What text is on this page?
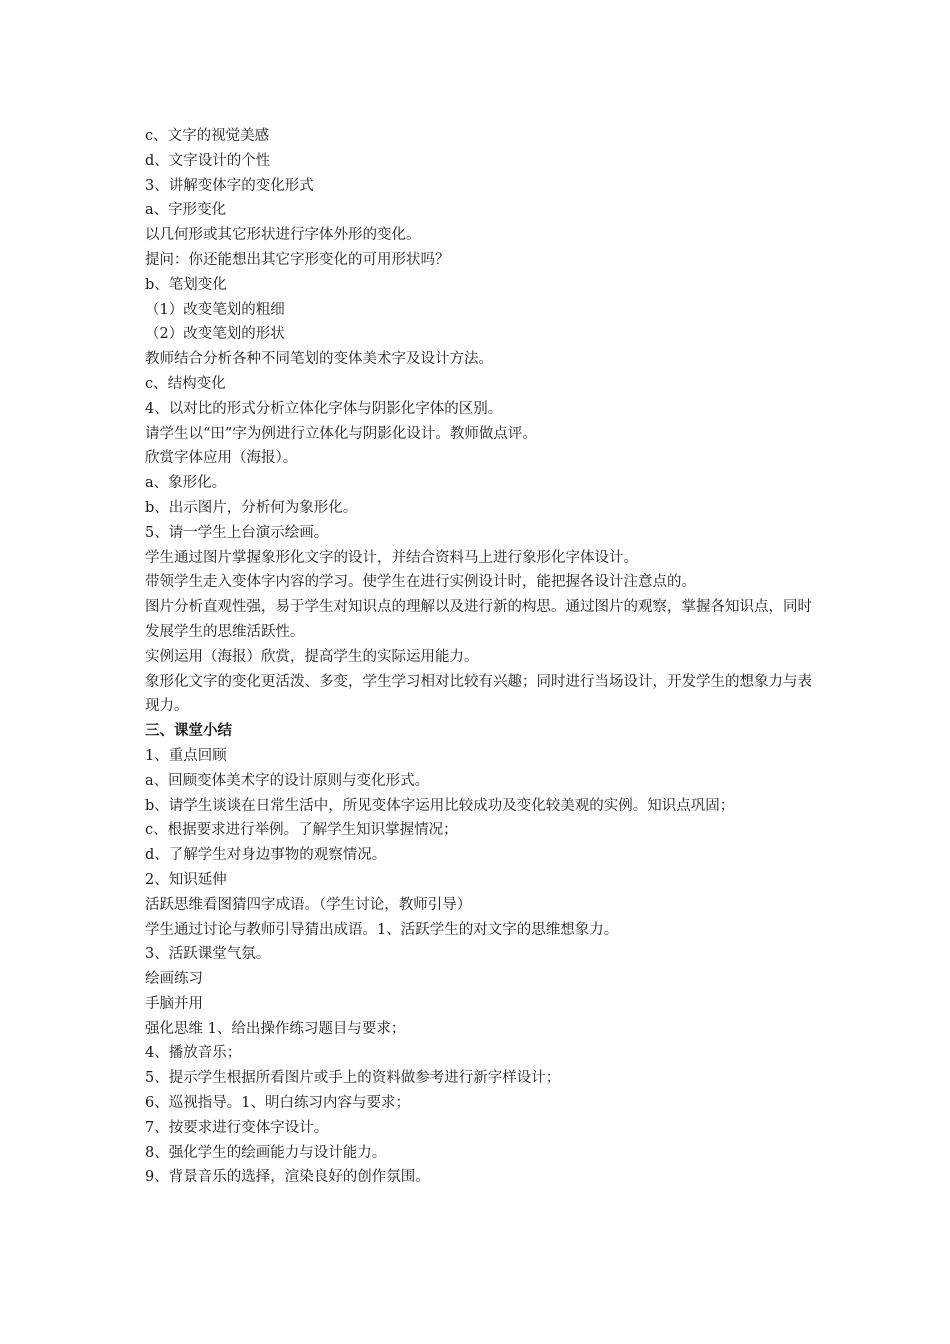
c、文字的视觉美感

d、文字设计的个性

3、讲解变体字的变化形式

a、字形变化

以几何形或其它形状进行字体外形的变化。

提问：你还能想出其它字形变化的可用形状吗？

b、笔划变化

（1）改变笔划的粗细

（2）改变笔划的形状

教师结合分析各种不同笔划的变体美术字及设计方法。

c、结构变化

4、以对比的形式分析立体化字体与阴影化字体的区别。

请学生以“田”字为例进行立体化与阴影化设计。教师做点评。

欣赏字体应用（海报）。

a、象形化。

b、出示图片，分析何为象形化。

5、请一学生上台演示绘画。

学生通过图片掌握象形化文字的设计，并结合资料马上进行象形化字体设计。

带领学生走入变体字内容的学习。使学生在进行实例设计时，能把握各设计注意点的。

图片分析直观性强，易于学生对知识点的理解以及进行新的构思。通过图片的观察，掌握各知识点，同时发展学生的思维活跃性。

实例运用（海报）欣赏，提高学生的实际运用能力。

象形化文字的变化更活泼、多变，学生学习相对比较有兴趣；同时进行当场设计，开发学生的想象力与表现力。

三、课堂小结

1、重点回顾

a、回顾变体美术字的设计原则与变化形式。

b、请学生谈谈在日常生活中，所见变体字运用比较成功及变化较美观的实例。知识点巩固；

c、根据要求进行举例。了解学生知识掌握情况；

d、了解学生对身边事物的观察情况。

2、知识延伸

活跃思维看图猜四字成语。（学生讨论，教师引导）

学生通过讨论与教师引导猜出成语。1、活跃学生的对文字的思维想象力。

3、活跃课堂气氛。

绘画练习

手脑并用

强化思维 1、给出操作练习题目与要求；

4、播放音乐；

5、提示学生根据所看图片或手上的资料做参考进行新字样设计；

6、巡视指导。1、明白练习内容与要求；

7、按要求进行变体字设计。

8、强化学生的绘画能力与设计能力。

9、背景音乐的选择，渲染良好的创作氛围。
